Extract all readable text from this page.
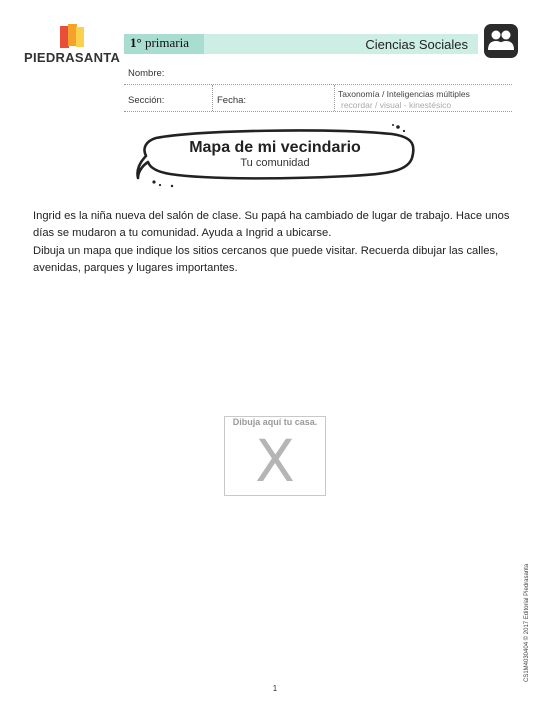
PIEDRASANTA
1° primaria	Ciencias Sociales
Nombre:
Sección:	Fecha:
Taxonomía / Inteligencias múltiples
recordar / visual - kinestésico
Mapa de mi vecindario
Tu comunidad

Ingrid es la niña nueva del salón de clase. Su papá ha cambiado de lugar de trabajo. Hace unos días se mudaron a tu comunidad. Ayuda a Ingrid a ubicarse.

Dibuja un mapa que indique los sitios cercanos que puede visitar. Recuerda dibujar las calles, avenidas, parques y lugares importantes.

Dibuja aquí tu casa.
X
1
CS1M4030404 © 2017 Editorial Piedrasanta
